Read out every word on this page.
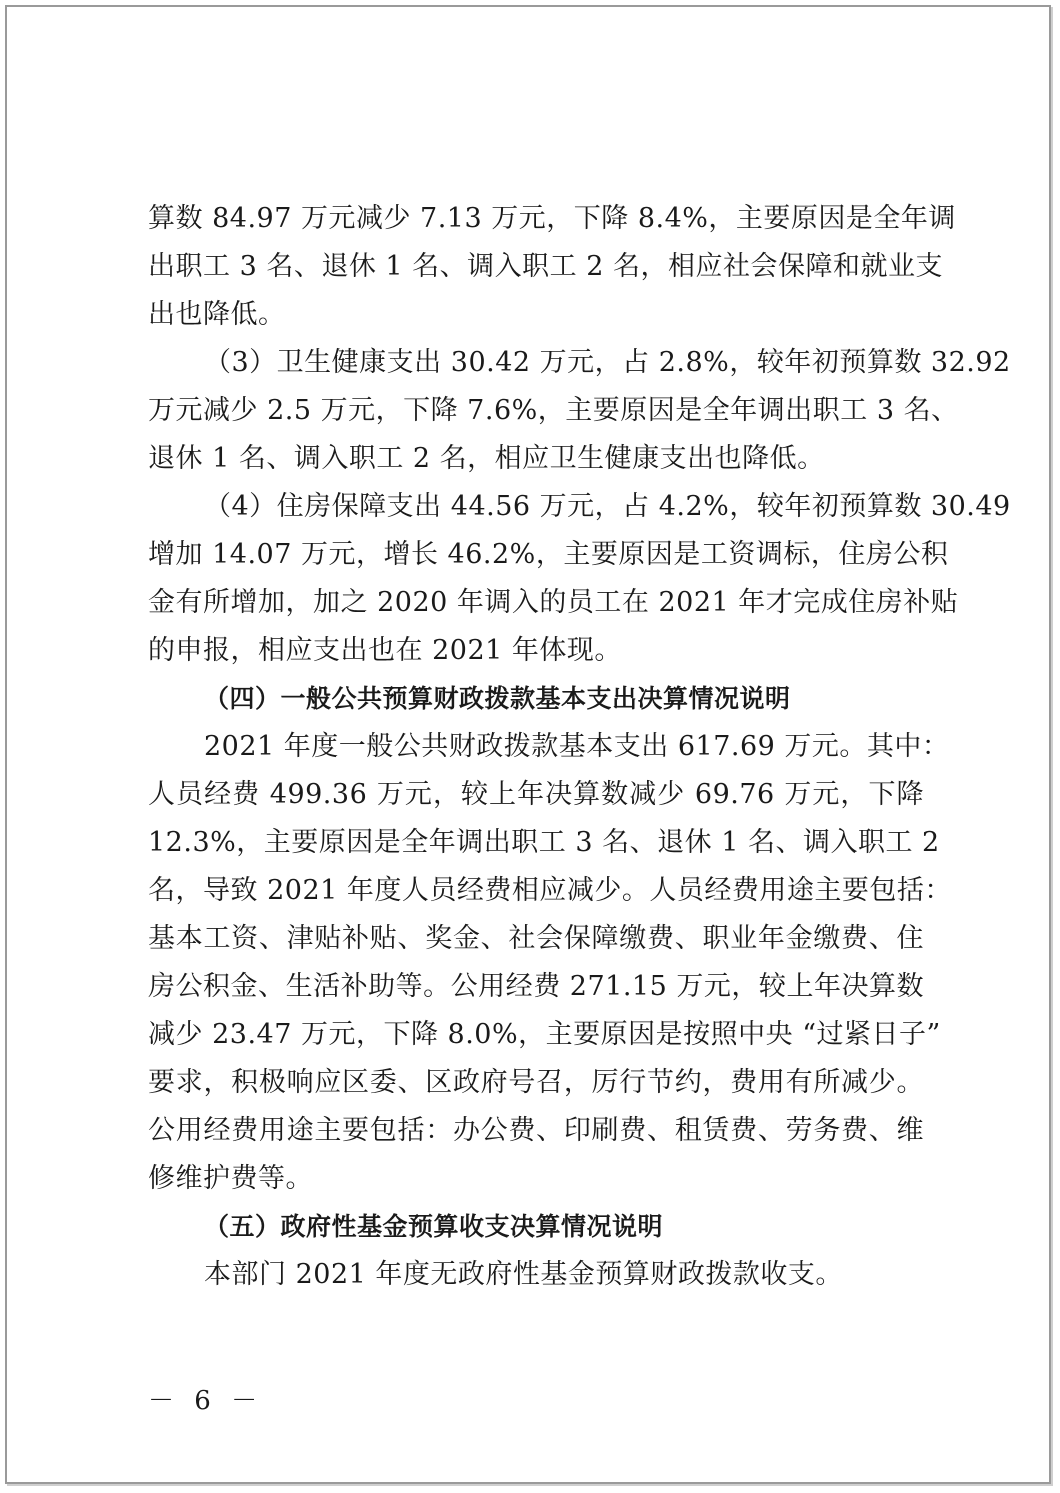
算数 84.97 万元减少 7.13 万元，下降 8.4%，主要原因是全年调
出职工 3 名、退休 1 名、调入职工 2 名，相应社会保障和就业支
出也降低。
（3）卫生健康支出 30.42 万元，占 2.8%，较年初预算数 32.92
万元减少 2.5 万元，下降 7.6%，主要原因是全年调出职工 3 名、
退休 1 名、调入职工 2 名，相应卫生健康支出也降低。
（4）住房保障支出 44.56 万元，占 4.2%，较年初预算数 30.49
增加 14.07 万元，增长 46.2%，主要原因是工资调标，住房公积
金有所增加，加之 2020 年调入的员工在 2021 年才完成住房补贴
的申报，相应支出也在 2021 年体现。
（四）一般公共预算财政拨款基本支出决算情况说明
2021 年度一般公共财政拨款基本支出 617.69 万元。其中：
人员经费 499.36 万元，较上年决算数减少 69.76 万元，下降
12.3%，主要原因是全年调出职工 3 名、退休 1 名、调入职工 2
名，导致 2021 年度人员经费相应减少。人员经费用途主要包括：
基本工资、津贴补贴、奖金、社会保障缴费、职业年金缴费、住
房公积金、生活补助等。公用经费 271.15 万元，较上年决算数
减少 23.47 万元，下降 8.0%，主要原因是按照中央 “过紧日子”
要求，积极响应区委、区政府号召，厉行节约，费用有所减少。
公用经费用途主要包括：办公费、印刷费、租赁费、劳务费、维
修维护费等。
（五）政府性基金预算收支决算情况说明
本部门 2021 年度无政府性基金预算财政拨款收支。
－ 6 －
